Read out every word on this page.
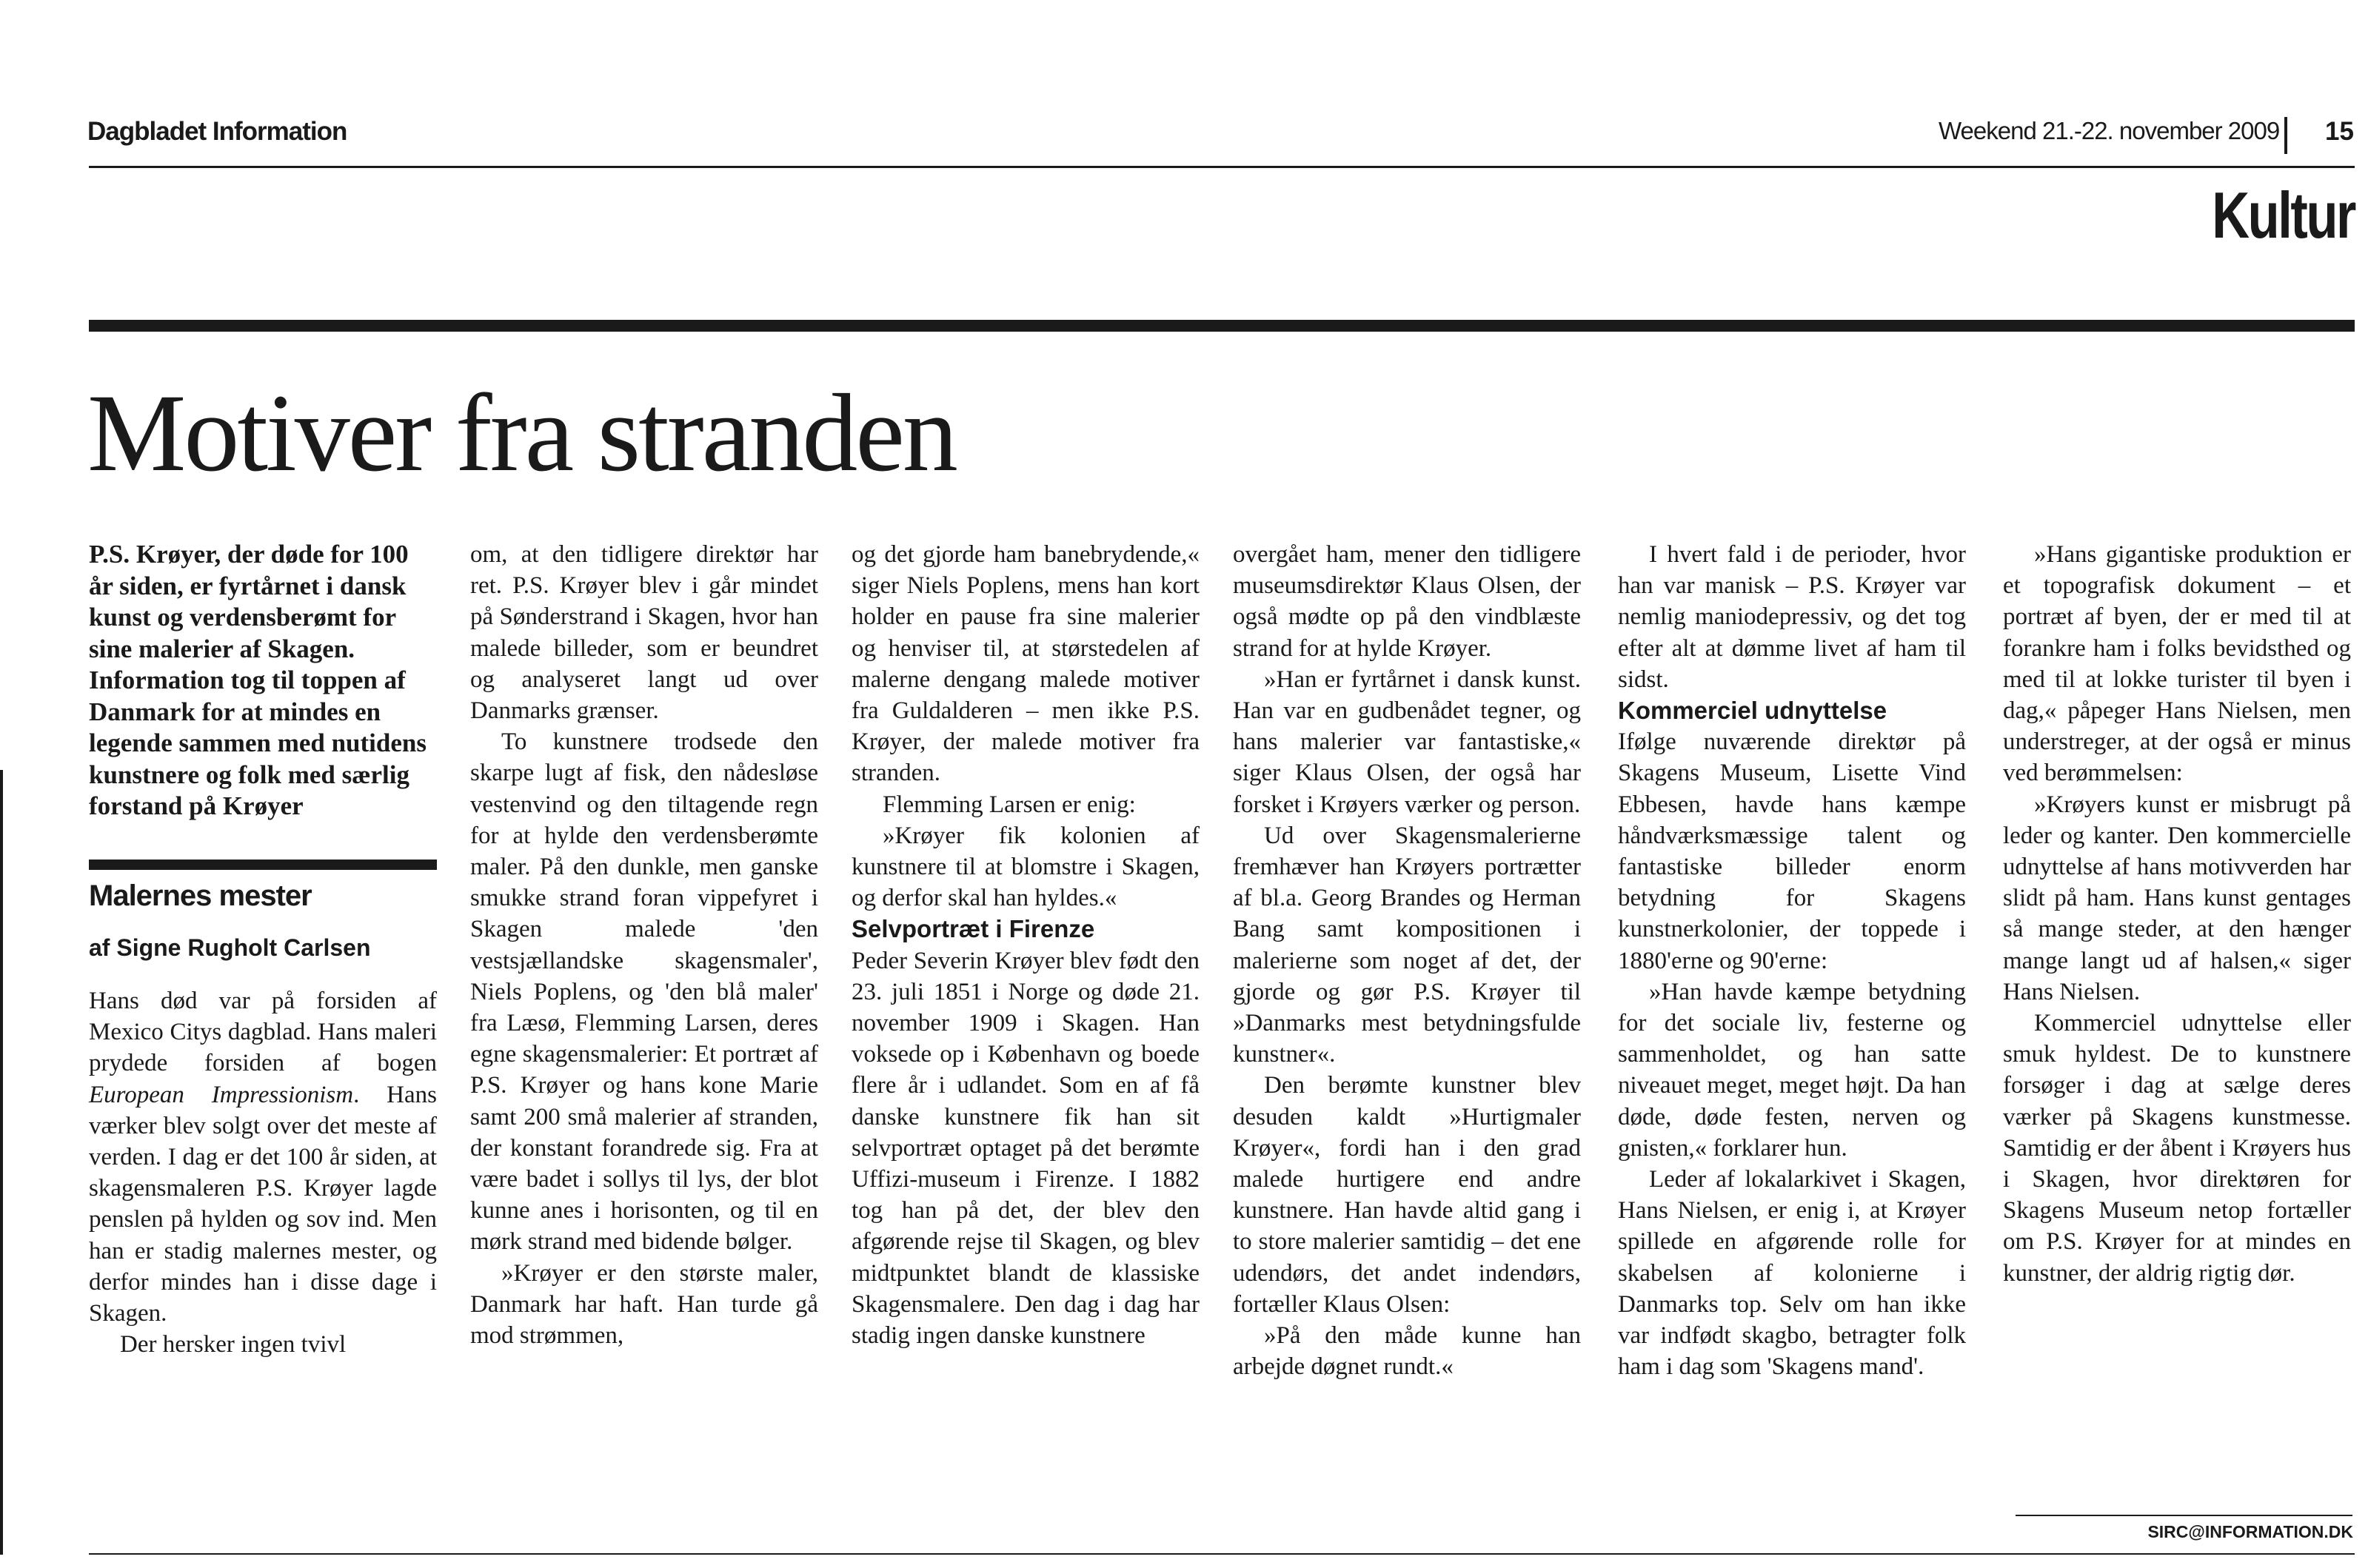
Dagbladet Information	Weekend 21.-22. november 2009 15
Kultur
Motiver fra stranden

P.S. Krøyer, der døde for 100 år siden, er fyrtårnet i dansk kunst og verdensberømt for sine malerier af Skagen. Information tog til toppen af Danmark for at mindes en legende sammen med nutidens kunstnere og folk med særlig forstand på Krøyer

Malernes mester
af Signe Rugholt Carlsen

Hans død var på forsiden af Mexico Citys dagblad. Hans maleri prydede forsiden af bogen European Impressionism. Hans værker blev solgt over det meste af verden. I dag er det 100 år siden, at skagensmaleren P.S. Krøyer lagde penslen på hylden og sov ind. Men han er stadig malernes mester, og derfor mindes han i disse dage i Skagen.

Der hersker ingen tvivl

om, at den tidligere direktør har ret. P.S. Krøyer blev i går mindet på Sønderstrand i Skagen, hvor han malede billeder, som er beundret og analyseret langt ud over Danmarks grænser.

To kunstnere trodsede den skarpe lugt af fisk, den nådesløse vestenvind og den tiltagende regn for at hylde den verdensberømte maler. På den dunkle, men ganske smukke strand foran vippefyret i Skagen malede 'den vestsjællandske skagensmaler', Niels Poplens, og 'den blå maler' fra Læsø, Flemming Larsen, deres egne skagensmalerier: Et portræt af P.S. Krøyer og hans kone Marie samt 200 små malerier af stranden, der konstant forandrede sig. Fra at være badet i sollys til lys, der blot kunne anes i horisonten, og til en mørk strand med bidende bølger.

»Krøyer er den største maler, Danmark har haft. Han turde gå mod strømmen,

og det gjorde ham banebrydende,« siger Niels Poplens, mens han kort holder en pause fra sine malerier og henviser til, at størstedelen af malerne dengang malede motiver fra Guldalderen – men ikke P.S. Krøyer, der malede motiver fra stranden.

Flemming Larsen er enig:

»Krøyer fik kolonien af kunstnere til at blomstre i Skagen, og derfor skal han hyldes.«

Selvportræt i Firenze

Peder Severin Krøyer blev født den 23. juli 1851 i Norge og døde 21. november 1909 i Skagen. Han voksede op i København og boede flere år i udlandet. Som en af få danske kunstnere fik han sit selvportræt optaget på det berømte Uffizi-museum i Firenze. I 1882 tog han på det, der blev den afgørende rejse til Skagen, og blev midtpunktet blandt de klassiske Skagensmalere. Den dag i dag har stadig ingen danske kunstnere

overgået ham, mener den tidligere museumsdirektør Klaus Olsen, der også mødte op på den vindblæste strand for at hylde Krøyer.

»Han er fyrtårnet i dansk kunst. Han var en gudbenådet tegner, og hans malerier var fantastiske,« siger Klaus Olsen, der også har forsket i Krøyers værker og person.

Ud over Skagensmalerierne fremhæver han Krøyers portrætter af bl.a. Georg Brandes og Herman Bang samt kompositionen i malerierne som noget af det, der gjorde og gør P.S. Krøyer til »Danmarks mest betydningsfulde kunstner«.

Den berømte kunstner blev desuden kaldt »Hurtigmaler Krøyer«, fordi han i den grad malede hurtigere end andre kunstnere. Han havde altid gang i to store malerier samtidig – det ene udendørs, det andet indendørs, fortæller Klaus Olsen:

»På den måde kunne han arbejde døgnet rundt.«

I hvert fald i de perioder, hvor han var manisk – P.S. Krøyer var nemlig maniodepressiv, og det tog efter alt at dømme livet af ham til sidst.

Kommerciel udnyttelse

Ifølge nuværende direktør på Skagens Museum, Lisette Vind Ebbesen, havde hans kæmpe håndværksmæssige talent og fantastiske billeder enorm betydning for Skagens kunstnerkolonier, der toppede i 1880'erne og 90'erne:

»Han havde kæmpe betydning for det sociale liv, festerne og sammenholdet, og han satte niveauet meget, meget højt. Da han døde, døde festen, nerven og gnisten,« forklarer hun.

Leder af lokalarkivet i Skagen, Hans Nielsen, er enig i, at Krøyer spillede en afgørende rolle for skabelsen af kolonierne i Danmarks top. Selv om han ikke var indfødt skagbo, betragter folk ham i dag som 'Skagens mand'.

»Hans gigantiske produktion er et topografisk dokument – et portræt af byen, der er med til at forankre ham i folks bevidsthed og med til at lokke turister til byen i dag,« påpeger Hans Nielsen, men understreger, at der også er minus ved berømmelsen:

»Krøyers kunst er misbrugt på leder og kanter. Den kommercielle udnyttelse af hans motivverden har slidt på ham. Hans kunst gentages så mange steder, at den hænger mange langt ud af halsen,« siger Hans Nielsen.

Kommerciel udnyttelse eller smuk hyldest. De to kunstnere forsøger i dag at sælge deres værker på Skagens kunstmesse. Samtidig er der åbent i Krøyers hus i Skagen, hvor direktøren for Skagens Museum netop fortæller om P.S. Krøyer for at mindes en kunstner, der aldrig rigtig dør.

SIRC@INFORMATION.DK
